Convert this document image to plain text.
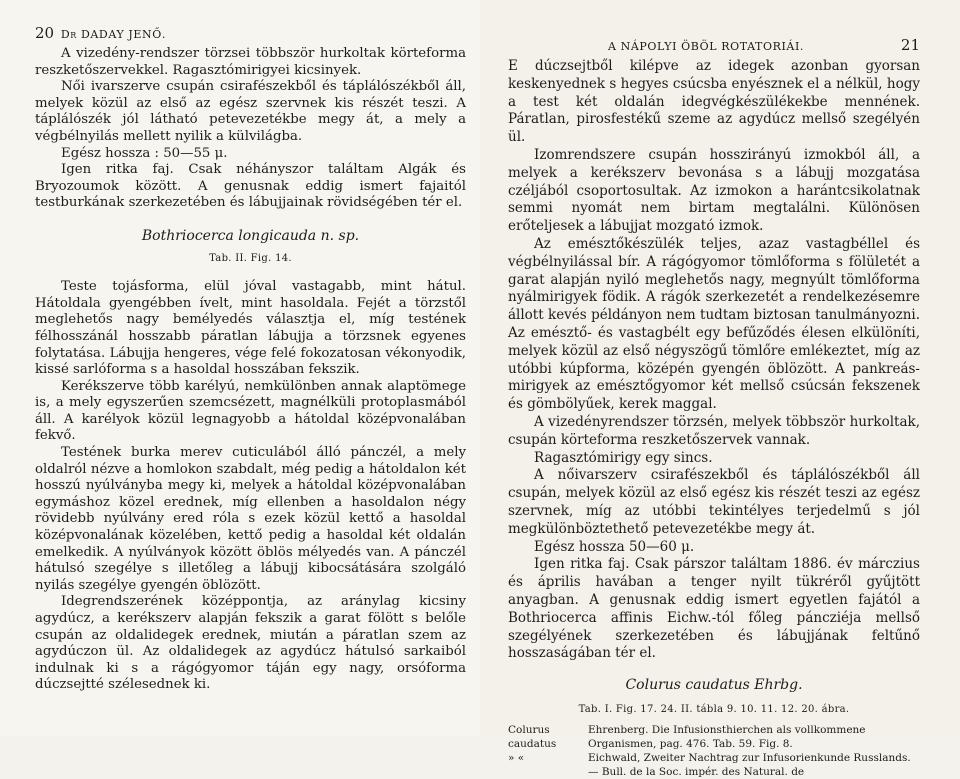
20 Dr DADAY JENŐ.

A vizedény-rendszer törzsei többször hurkoltak körteforma reszketőszervekkel. Ragasztómirigyei kicsinyek.

Női ivarszerve csupán csirafészekből és táplálószékből áll, melyek közül az első az egész szervnek kis részét teszi. A táplálószék jól látható petevezetékbe megy át, a mely a végbélnyilás mellett nyilik a külvilágba.

Egész hossza : 50—55 μ.

Igen ritka faj. Csak néhányszor találtam Algák és Bryozoumok között. A genusnak eddig ismert fajaitól testburkának szerkezetében és lábujjainak rövidségében tér el.

Bothriocerca longicauda n. sp.
Tab. II. Fig. 14.

Teste tojásforma, elül jóval vastagabb, mint hátul. Hátoldala gyengébben ívelt, mint hasoldala. Fejét a törzstől meglehetős nagy bemélyedés választja el, míg testének félhosszánál hosszabb páratlan lábujja a törzsnek egyenes folytatása. Lábujja hengeres, vége felé fokozatosan vékonyodik, kissé sarlóforma s a hasoldal hosszában fekszik.

Kerékszerve több karélyú, nemkülönben annak alaptömege is, a mely egyszerűen szemcsézett, magnélküli protoplasmából áll. A karélyok közül legnagyobb a hátoldal középvonalában fekvő.

Testének burka merev cuticulából álló pánczél, a mely oldalról nézve a homlokon szabdalt, még pedig a hátoldalon két hosszú nyúlványba megy ki, melyek a hátoldal középvonalában egymáshoz közel erednek, míg ellenben a hasoldalon négy rövidebb nyúlvány ered róla s ezek közül kettő a hasoldal középvonalának közelében, kettő pedig a hasoldal két oldalán emelkedik. A nyúlványok között öblös mélyedés van. A pánczél hátulsó szegélye s illetőleg a lábujj kibocsátására szolgáló nyilás szegélye gyengén öblözött.

Idegrendszerének középpontja, az aránylag kicsiny agydúcz, a kerékszerv alapján fekszik a garat fölött s belőle csupán az oldalidegek erednek, miután a páratlan szem az agydúczon ül. Az oldalidegek az agydúcz hátulsó sarkaiból indulnak ki s a rágógyomor táján egy nagy, orsóforma dúczsejtté szélesednek ki.

A NÁPOLYI ÖBÖL ROTATORIÁI.	21

E dúczsejtből kilépve az idegek azonban gyorsan keskenyednek s hegyes csúcsba enyésznek el a nélkül, hogy a test két oldalán idegvégkészülékekbe mennének. Páratlan, pirosfestékű szeme az agydúcz mellső szegélyén ül.

Izomrendszere csupán hosszirányú izmokból áll, a melyek a kerékszerv bevonása s a lábujj mozgatása czéljából csoportosultak. Az izmokon a harántcsikolatnak semmi nyomát nem birtam megtalálni. Különösen erőteljesek a lábujjat mozgató izmok.

Az emésztőkészülék teljes, azaz vastagbéllel és végbélnyilással bír. A rágógyomor tömlőforma s fölületét a garat alapján nyiló meglehetős nagy, megnyúlt tömlőforma nyálmirigyek födik. A rágók szerkezetét a rendelkezésemre állott kevés példányon nem tudtam biztosan tanulmányozni. Az emésztő- és vastagbélt egy befűződés élesen elkülöníti, melyek közül az első négyszögű tömlőre emlékeztet, míg az utóbbi kúpforma, középén gyengén öblözött. A pankreás-mirigyek az emésztőgyomor két mellső csúcsán fekszenek és gömbölyűek, kerek maggal.

A vizedényrendszer törzsén, melyek többször hurkoltak, csupán körteforma reszketőszervek vannak.

Ragasztómirigy egy sincs.

A nőivarszerv csirafészekből és táplálószékből áll csupán, melyek közül az első egész kis részét teszi az egész szervnek, míg az utóbbi tekintélyes terjedelmű s jól megkülönböztethető petevezetékbe megy át.

Egész hossza 50—60 μ.

Igen ritka faj. Csak párszor találtam 1886. év márczius és április havában a tenger nyilt tükréről gyűjtött anyagban. A genusnak eddig ismert egyetlen fajától a Bothriocerca affinis Eichw.-tól főleg páncziéja mellső szegélyének szerkezetében és lábujjának feltűnő hosszaságában tér el.

Colurus caudatus Ehrbg.
Tab. I. Fig. 17. 24. II. tábla 9. 10. 11. 12. 20. ábra.
Colurus caudatus
Ehrenberg. Die Infusionsthierchen als vollkommene Organismen, pag. 476. Tab. 59. Fig. 8.
» «	Eichwald, Zweiter Nachtrag zur Infusorienkunde Russlands. — Bull. de la Soc. impér. des Natural. de
